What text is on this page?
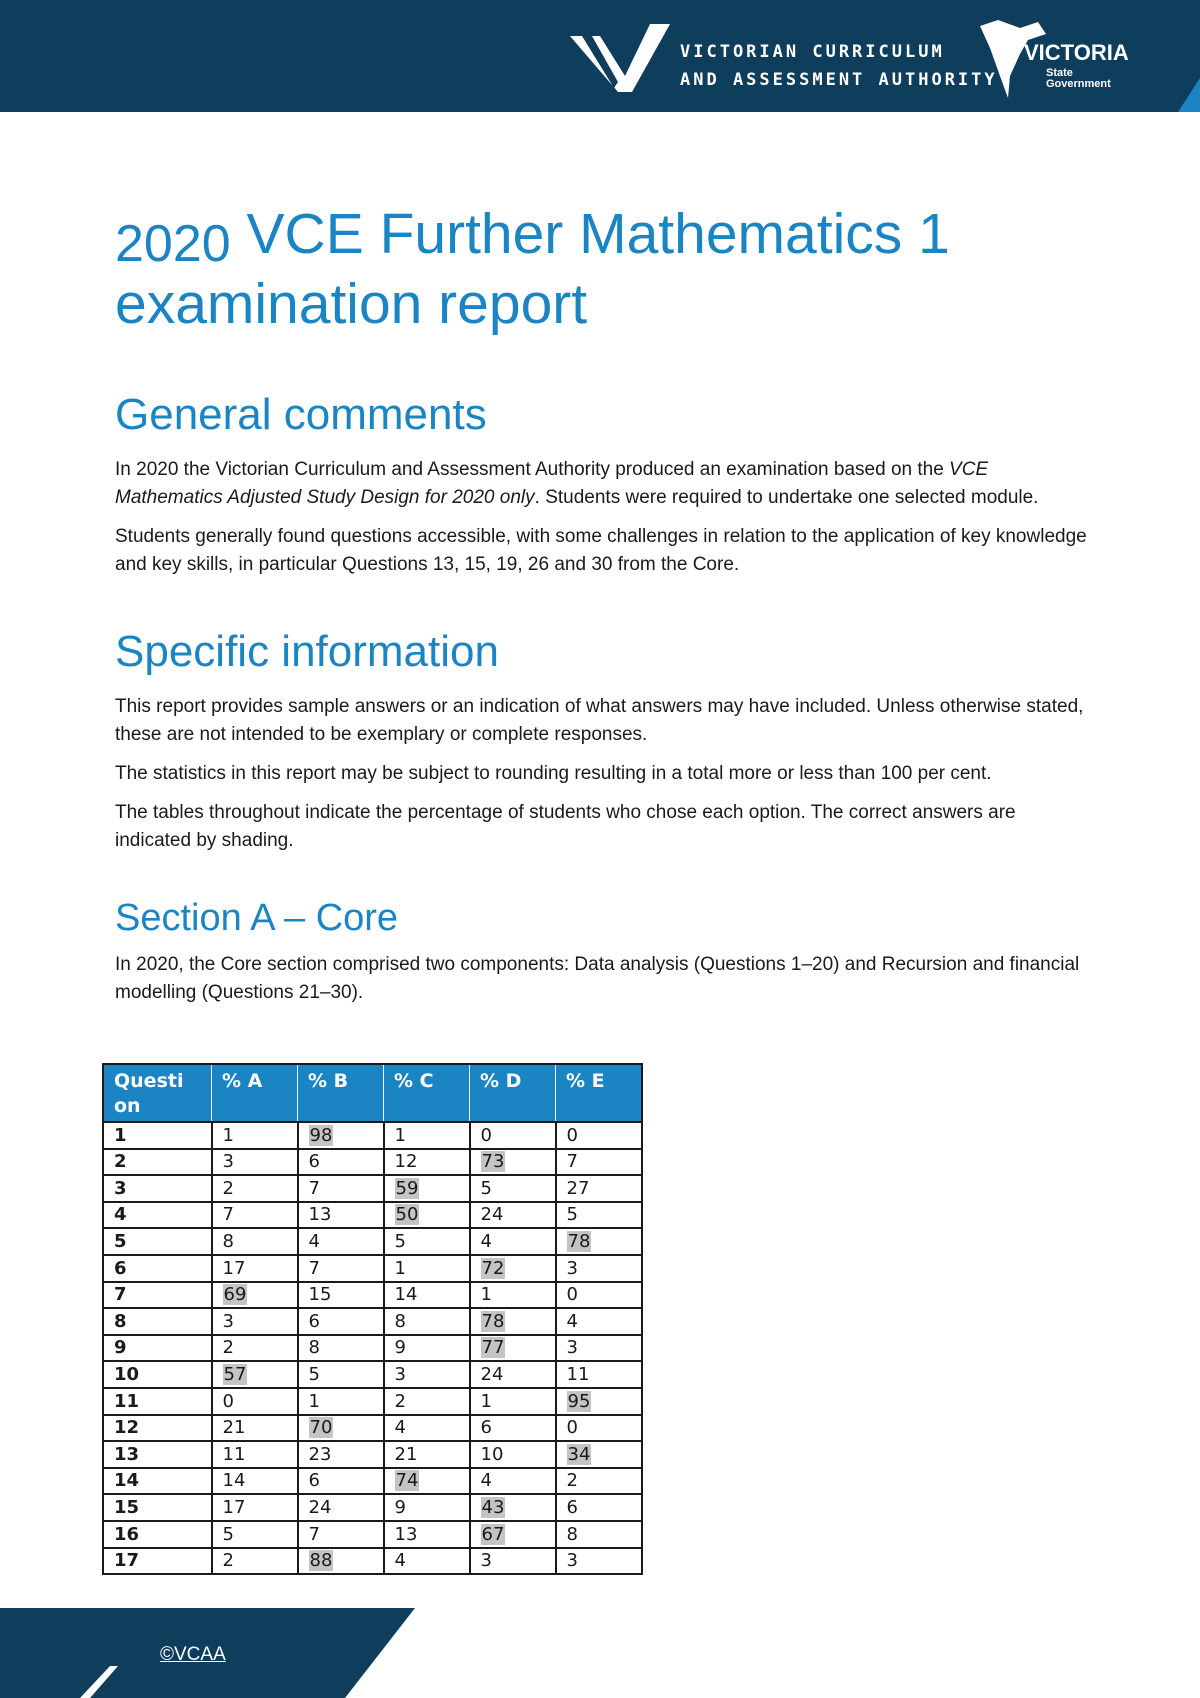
VICTORIAN CURRICULUM
AND ASSESSMENT AUTHORITY
VICTORIA
State Government
2020 VCE Further Mathematics 1
examination report
General comments

In 2020 the Victorian Curriculum and Assessment Authority produced an examination based on the VCE Mathematics Adjusted Study Design for 2020 only. Students were required to undertake one selected module.

Students generally found questions accessible, with some challenges in relation to the application of key knowledge and key skills, in particular Questions 13, 15, 19, 26 and 30 from the Core.

Specific information

This report provides sample answers or an indication of what answers may have included. Unless otherwise stated, these are not intended to be exemplary or complete responses.

The statistics in this report may be subject to rounding resulting in a total more or less than 100 per cent.

The tables throughout indicate the percentage of students who chose each option. The correct answers are indicated by shading.

Section A – Core

In 2020, the Core section comprised two components: Data analysis (Questions 1–20) and Recursion and financial modelling (Questions 21–30).

Questi on	% A	% B	% C	% D	% E
1	1	98	1	0	0
2	3	6	12	73	7
3	2	7	59	5	27
4	7	13	50	24	5
5	8	4	5	4	78
6	17	7	1	72	3
7	69	15	14	1	0
8	3	6	8	78	4
9	2	8	9	77	3
10	57	5	3	24	11
11	0	1	2	1	95
12	21	70	4	6	0
13	11	23	21	10	34
14	14	6	74	4	2
15	17	24	9	43	6
16	5	7	13	67	8
17	2	88	4	3	3
©VCAA
